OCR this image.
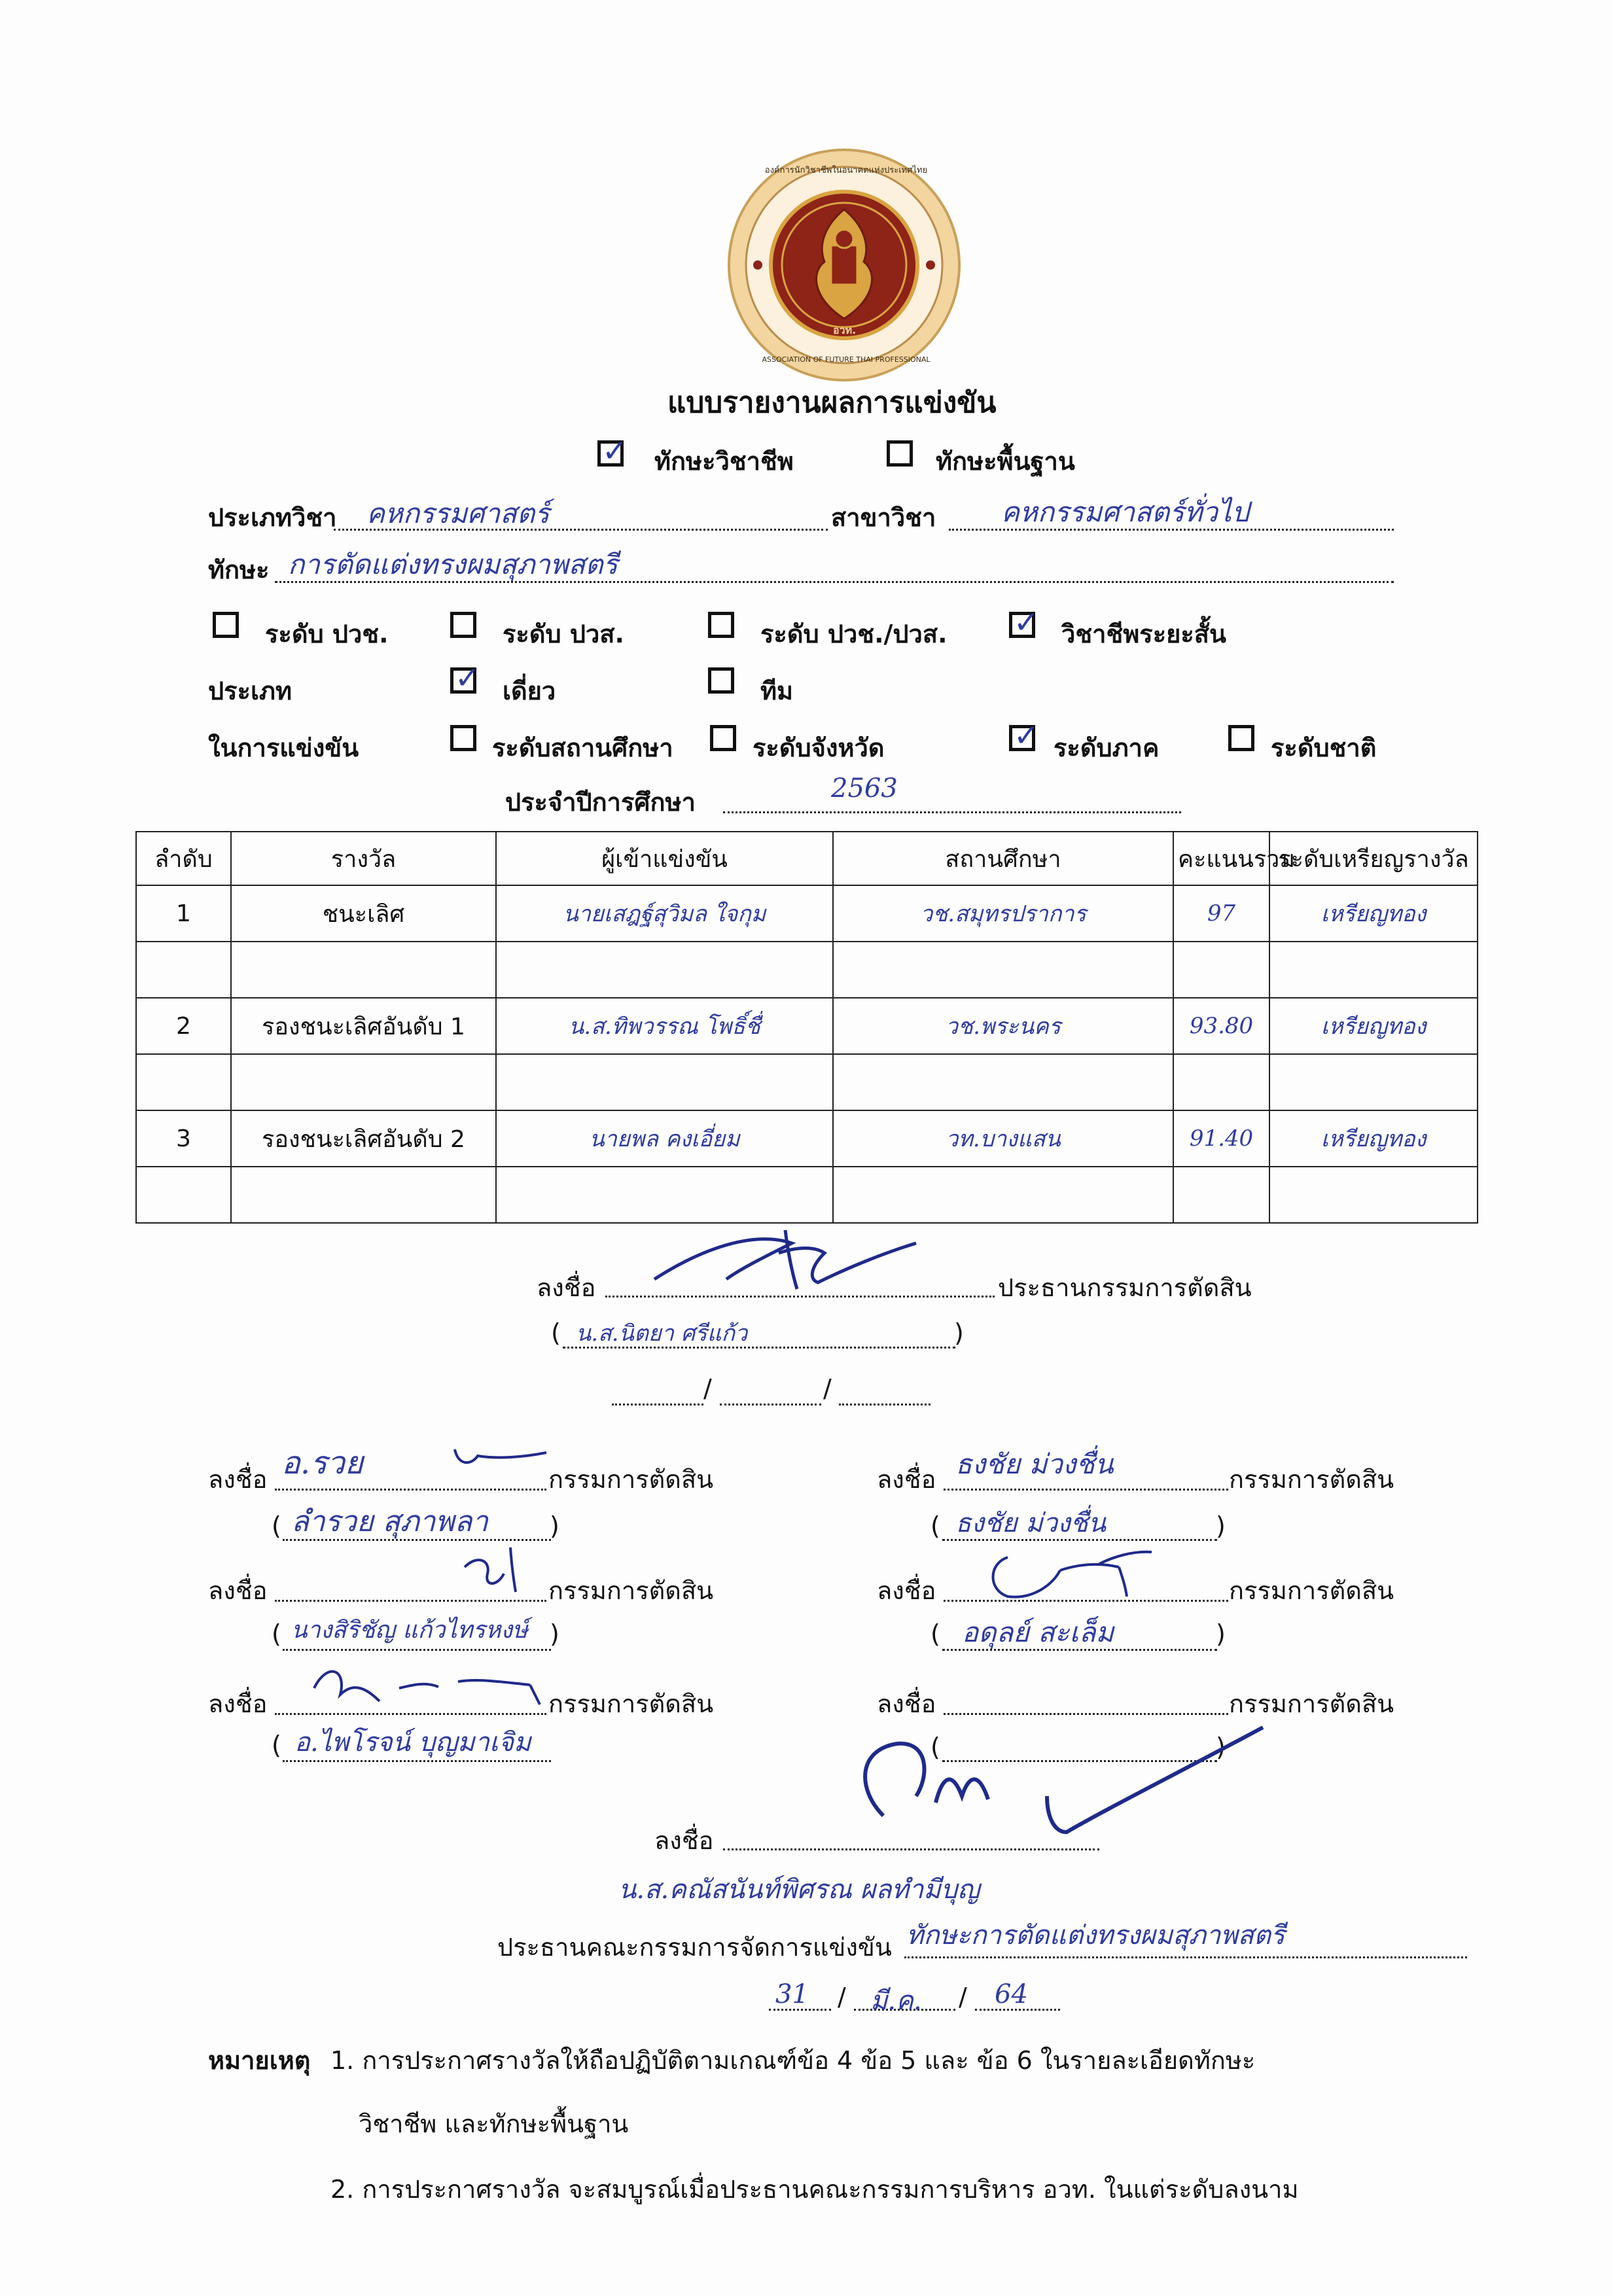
อวท.
องค์การนักวิชาชีพในอนาคตแห่งประเทศไทย
ASSOCIATION OF FUTURE THAI PROFESSIONAL
แบบรายงานผลการแข่งขัน
✓ ทักษะวิชาชีพ	ทักษะพื้นฐาน
ประเภทวิชา คหกรรมศาสตร์	สาขาวิชา คหกรรมศาสตร์ทั่วไป
ทักษะ การตัดแต่งทรงผมสุภาพสตรี
ระดับ ปวช.	ระดับ ปวส.	ระดับ ปวช./ปวส. ✓ วิชาชีพระยะสั้น
ประเภท	✓ เดี่ยว	ทีม
ในการแข่งขัน	ระดับสถานศึกษา	ระดับจังหวัด	✓ ระดับภาค	ระดับชาติ
ประจำปีการศึกษา	2563
ลำดับ	รางวัล	ผู้เข้าแข่งขัน	สถานศึกษา	คะแนนรวม	ระดับเหรียญรางวัล
1	ชนะเลิศ	นายเสฎฐ์สุวิมล ใจกุม	วช.สมุทรปราการ	97	เหรียญทอง

2	รองชนะเลิศอันดับ 1	น.ส.ทิพวรรณ โพธิ์ชื่	วช.พระนคร	93.80	เหรียญทอง

3	รองชนะเลิศอันดับ 2	นายพล คงเอี่ยม	วท.บางแสน	91.40	เหรียญทอง

ลงชื่อ	ประธานกรรมการตัดสิน
( น.ส.นิตยา ศรีแก้ว	)
/	/
ลงชื่อ อ.รวย	กรรมการตัดสิน
( ลำรวย สุภาพลา )
ลงชื่อ	กรรมการตัดสิน
( นางสิริชัญ แก้วไทรหงษ์ )
ลงชื่อ	กรรมการตัดสิน
( อ.ไพโรจน์ บุญมาเจิม
ลงชื่อ ธงชัย ม่วงชื่น	กรรมการตัดสิน
( ธงชัย ม่วงชื่น	)
ลงชื่อ	กรรมการตัดสิน
( อดุลย์ สะเล็ม	)
ลงชื่อ	กรรมการตัดสิน
(	)
ลงชื่อ
น.ส.คณัสนันท์พิศรณ ผลทำมีบุญ
ประธานคณะกรรมการจัดการแข่งขัน ทักษะการตัดแต่งทรงผมสุภาพสตรี
31 / มี.ค. / 64
หมายเหตุ 1. การประกาศรางวัลให้ถือปฏิบัติตามเกณฑ์ข้อ 4 ข้อ 5 และ ข้อ 6 ในรายละเอียดทักษะ
วิชาชีพ และทักษะพื้นฐาน
2. การประกาศรางวัล จะสมบูรณ์เมื่อประธานคณะกรรมการบริหาร อวท. ในแต่ระดับลงนาม
